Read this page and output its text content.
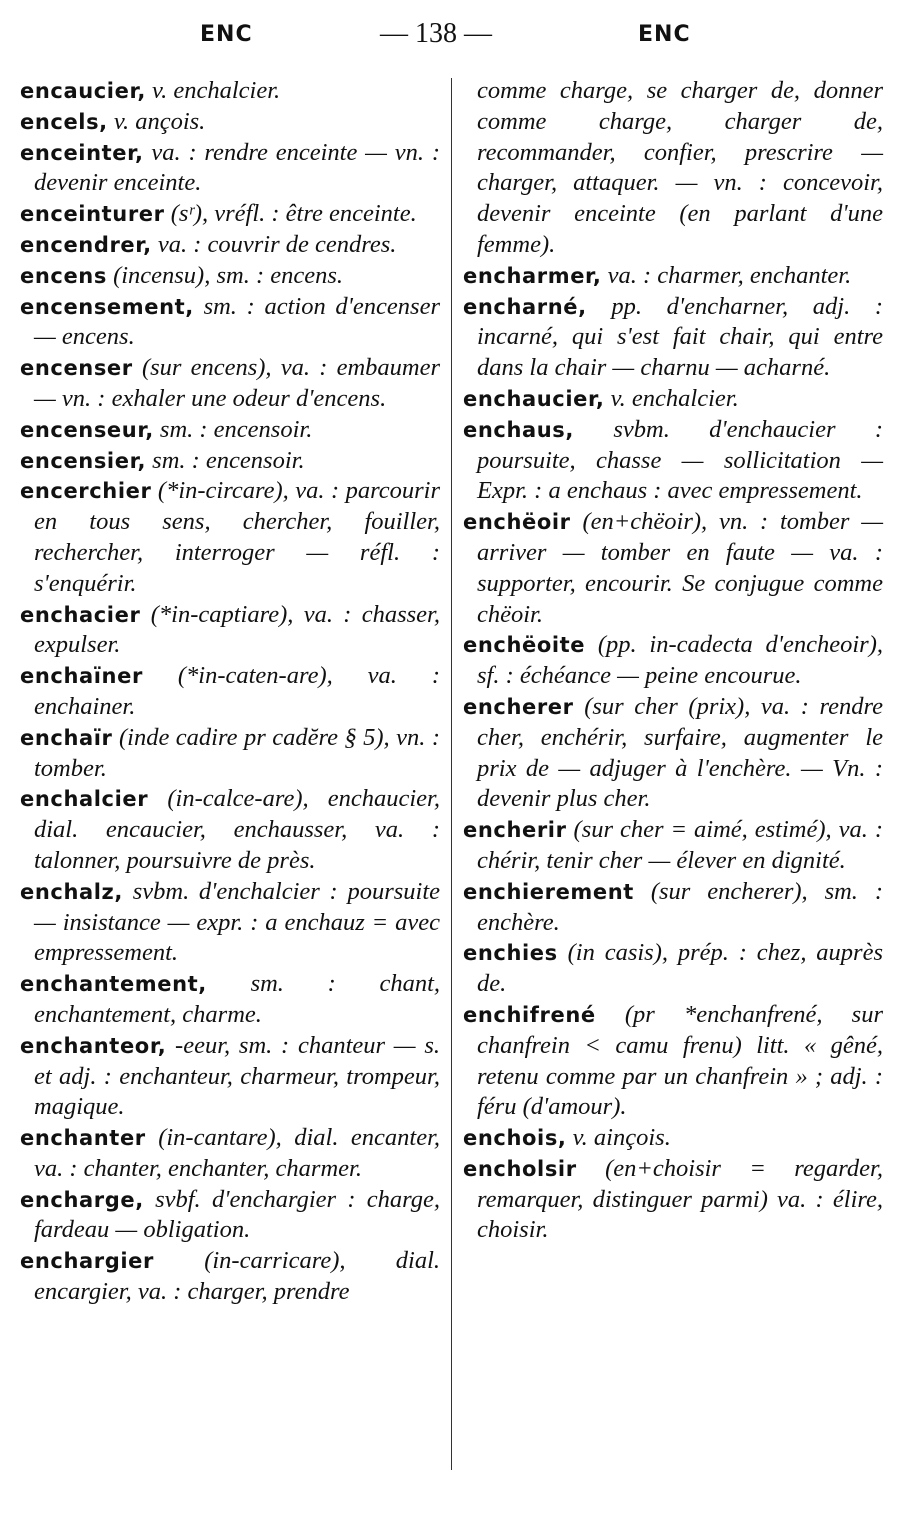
ENC	— 138 —	ENC

encaucier, v. enchalcier.

encels, v. ançois.

enceinter, va. : rendre enceinte — vn. : devenir enceinte.

enceinturer (sʳ), vréfl. : être enceinte.

encendrer, va. : couvrir de cendres.

encens (incensu), sm. : encens.

encensement, sm. : action d'encenser — encens.

encenser (sur encens), va. : embaumer — vn. : exhaler une odeur d'encens.

encenseur, sm. : encensoir.

encensier, sm. : encensoir.

encerchier (*in-circare), va. : parcourir en tous sens, chercher, fouiller, rechercher, interroger — réfl. : s'enquérir.

enchacier (*in-captiare), va. : chasser, expulser.

enchaïner (*in-caten-are), va. : enchainer.

enchaïr (inde cadire pr cadĕre § 5), vn. : tomber.

enchalcier (in-calce-are), enchaucier, dial. encaucier, enchausser, va. : talonner, poursuivre de près.

enchalz, svbm. d'enchalcier : poursuite — insistance — expr. : a enchauz = avec empressement.

enchantement, sm. : chant, enchantement, charme.

enchanteor, -ееur, sm. : chanteur — s. et adj. : enchanteur, charmeur, trompeur, magique.

enchanter (in-cantare), dial. encanter, va. : chanter, enchanter, charmer.

encharge, svbf. d'enchargier : charge, fardeau — obligation.

enchargier (in-carricare), dial. encargier, va. : charger, prendre

comme charge, se charger de, donner comme charge, charger de, recommander, confier, prescrire — charger, attaquer. — vn. : concevoir, devenir enceinte (en parlant d'une femme).

encharmer, va. : charmer, enchanter.

encharné, pp. d'encharner, adj. : incarné, qui s'est fait chair, qui entre dans la chair — charnu — acharné.

enchaucier, v. enchalcier.

enchaus, svbm. d'enchaucier : poursuite, chasse — sollicitation — Expr. : a enchaus : avec empressement.

enchëoir (en+chëoir), vn. : tomber — arriver — tomber en faute — va. : supporter, encourir. Se conjugue comme chëoir.

enchëoite (pp. in-cadecta d'encheoir), sf. : échéance — peine encourue.

encherer (sur cher (prix), va. : rendre cher, enchérir, surfaire, augmenter le prix de — adjuger à l'enchère. — Vn. : devenir plus cher.

encherir (sur cher = aimé, estimé), va. : chérir, tenir cher — élever en dignité.

enchierement (sur encherer), sm. : enchère.

enchies (in casis), prép. : chez, auprès de.

enchifrené (pr *enchanfrené, sur chanfrein < camu frenu) litt. « gêné, retenu comme par un chanfrein » ; adj. : féru (d'amour).

enchois, v. ainçois.

encholsir (en+choisir = regarder, remarquer, distinguer parmi) va. : élire, choisir.
